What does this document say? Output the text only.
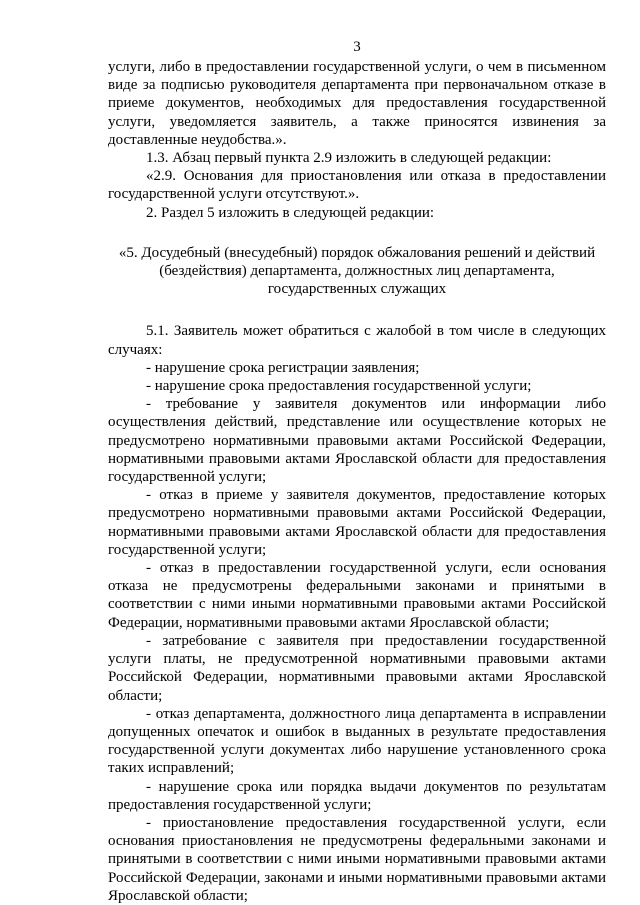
3

услуги, либо в предоставлении государственной услуги, о чем в письменном виде за подписью руководителя департамента при первоначальном отказе в приеме документов, необходимых для предоставления государственной услуги, уведомляется заявитель, а также приносятся извинения за доставленные неудобства.».

1.3. Абзац первый пункта 2.9 изложить в следующей редакции:

«2.9. Основания для приостановления или отказа в предоставлении государственной услуги отсутствуют.».

2. Раздел 5 изложить в следующей редакции:

«5. Досудебный (внесудебный) порядок обжалования решений и действий (бездействия) департамента, должностных лиц департамента, государственных служащих

5.1. Заявитель может обратиться с жалобой в том числе в следующих случаях:

- нарушение срока регистрации заявления;

- нарушение срока предоставления государственной услуги;

- требование у заявителя документов или информации либо осуществления действий, представление или осуществление которых не предусмотрено нормативными правовыми актами Российской Федерации, нормативными правовыми актами Ярославской области для предоставления государственной услуги;

- отказ в приеме у заявителя документов, предоставление которых предусмотрено нормативными правовыми актами Российской Федерации, нормативными правовыми актами Ярославской области для предоставления государственной услуги;

- отказ в предоставлении государственной услуги, если основания отказа не предусмотрены федеральными законами и принятыми в соответствии с ними иными нормативными правовыми актами Российской Федерации, нормативными правовыми актами Ярославской области;

- затребование с заявителя при предоставлении государственной услуги платы, не предусмотренной нормативными правовыми актами Российской Федерации, нормативными правовыми актами Ярославской области;

- отказ департамента, должностного лица департамента в исправлении допущенных опечаток и ошибок в выданных в результате предоставления государственной услуги документах либо нарушение установленного срока таких исправлений;

- нарушение срока или порядка выдачи документов по результатам предоставления государственной услуги;

- приостановление предоставления государственной услуги, если основания приостановления не предусмотрены федеральными законами и принятыми в соответствии с ними иными нормативными правовыми актами Российской Федерации, законами и иными нормативными правовыми актами Ярославской области;
